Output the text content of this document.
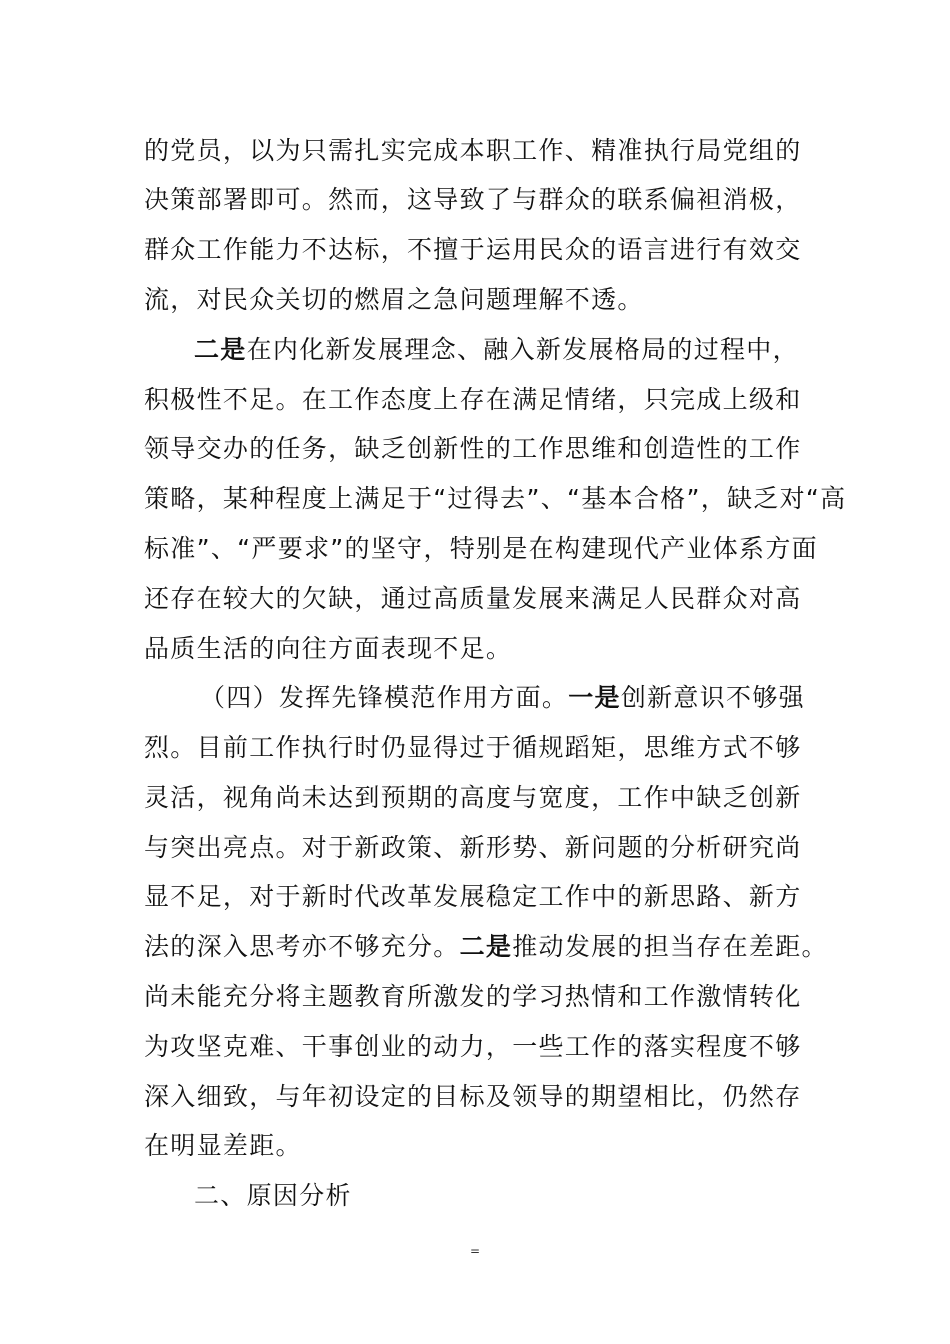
的党员，以为只需扎实完成本职工作、精准执行局党组的
决策部署即可。然而，这导致了与群众的联系偏袒消极，
群众工作能力不达标，不擅于运用民众的语言进行有效交
流，对民众关切的燃眉之急问题理解不透。
二是在内化新发展理念、融入新发展格局的过程中，
积极性不足。在工作态度上存在满足情绪，只完成上级和
领导交办的任务，缺乏创新性的工作思维和创造性的工作
策略，某种程度上满足于“过得去”、“基本合格”，缺乏对“高
标准”、“严要求”的坚守，特别是在构建现代产业体系方面
还存在较大的欠缺，通过高质量发展来满足人民群众对高
品质生活的向往方面表现不足。
（四）发挥先锋模范作用方面。一是创新意识不够强
烈。目前工作执行时仍显得过于循规蹈矩，思维方式不够
灵活，视角尚未达到预期的高度与宽度，工作中缺乏创新
与突出亮点。对于新政策、新形势、新问题的分析研究尚
显不足，对于新时代改革发展稳定工作中的新思路、新方
法的深入思考亦不够充分。二是推动发展的担当存在差距。
尚未能充分将主题教育所激发的学习热情和工作激情转化
为攻坚克难、干事创业的动力，一些工作的落实程度不够
深入细致，与年初设定的目标及领导的期望相比，仍然存
在明显差距。
二、原因分析
=
